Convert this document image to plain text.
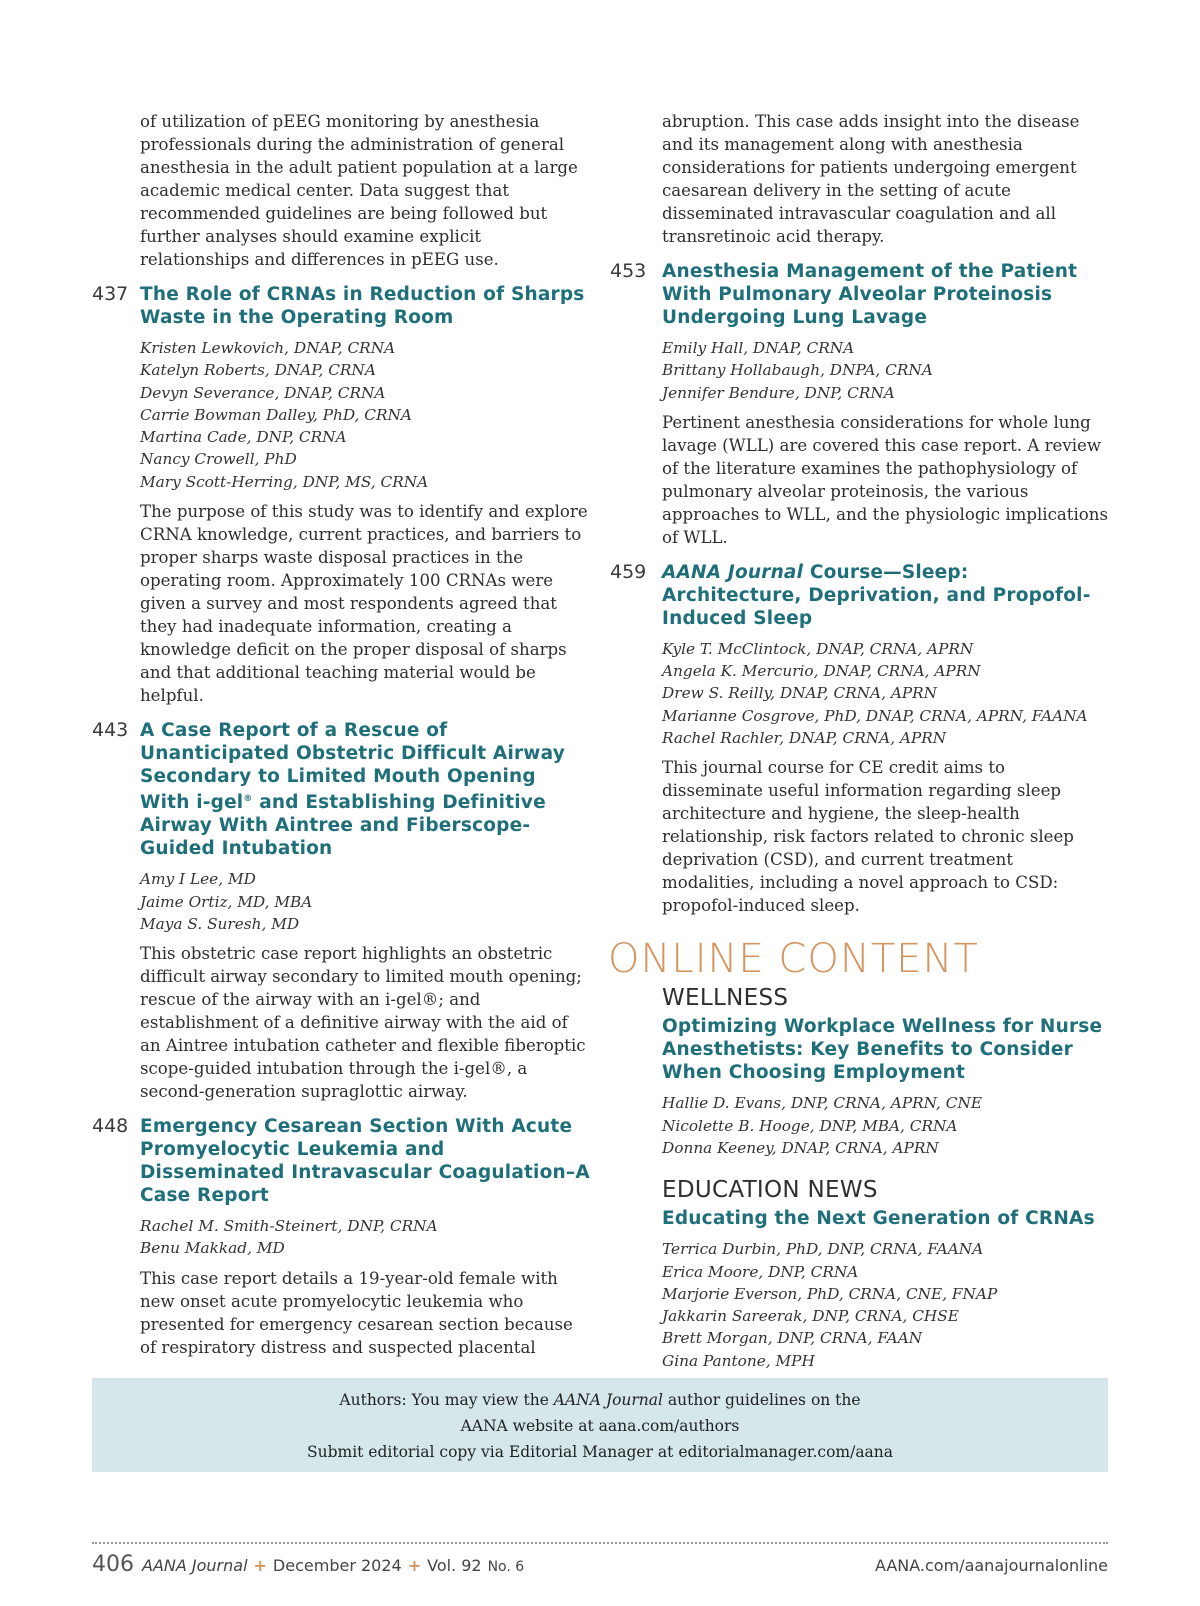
of utilization of pEEG monitoring by anesthesia professionals during the administration of general anesthesia in the adult patient population at a large academic medical center. Data suggest that recommended guidelines are being followed but further analyses should examine explicit relationships and differences in pEEG use.

437 The Role of CRNAs in Reduction of Sharps Waste in the Operating Room
Kristen Lewkovich, DNAP, CRNA
Katelyn Roberts, DNAP, CRNA
Devyn Severance, DNAP, CRNA
Carrie Bowman Dalley, PhD, CRNA
Martina Cade, DNP, CRNA
Nancy Crowell, PhD
Mary Scott-Herring, DNP, MS, CRNA

The purpose of this study was to identify and explore CRNA knowledge, current practices, and barriers to proper sharps waste disposal practices in the operating room. Approximately 100 CRNAs were given a survey and most respondents agreed that they had inadequate information, creating a knowledge deficit on the proper disposal of sharps and that additional teaching material would be helpful.

443 A Case Report of a Rescue of Unanticipated Obstetric Difficult Airway Secondary to Limited Mouth Opening With i-gel® and Establishing Definitive Airway With Aintree and Fiberscope-Guided Intubation
Amy I Lee, MD
Jaime Ortiz, MD, MBA
Maya S. Suresh, MD

This obstetric case report highlights an obstetric difficult airway secondary to limited mouth opening; rescue of the airway with an i-gel®; and establishment of a definitive airway with the aid of an Aintree intubation catheter and flexible fiberoptic scope-guided intubation through the i-gel®, a second-generation supraglottic airway.

448 Emergency Cesarean Section With Acute Promyelocytic Leukemia and Disseminated Intravascular Coagulation–A Case Report
Rachel M. Smith-Steinert, DNP, CRNA
Benu Makkad, MD

This case report details a 19-year-old female with new onset acute promyelocytic leukemia who presented for emergency cesarean section because of respiratory distress and suspected placental

abruption. This case adds insight into the disease and its management along with anesthesia considerations for patients undergoing emergent caesarean delivery in the setting of acute disseminated intravascular coagulation and all transretinoic acid therapy.

453 Anesthesia Management of the Patient With Pulmonary Alveolar Proteinosis Undergoing Lung Lavage
Emily Hall, DNAP, CRNA
Brittany Hollabaugh, DNPA, CRNA
Jennifer Bendure, DNP, CRNA

Pertinent anesthesia considerations for whole lung lavage (WLL) are covered this case report. A review of the literature examines the pathophysiology of pulmonary alveolar proteinosis, the various approaches to WLL, and the physiologic implications of WLL.

459 AANA Journal Course—Sleep: Architecture, Deprivation, and Propofol-Induced Sleep
Kyle T. McClintock, DNAP, CRNA, APRN
Angela K. Mercurio, DNAP, CRNA, APRN
Drew S. Reilly, DNAP, CRNA, APRN
Marianne Cosgrove, PhD, DNAP, CRNA, APRN, FAANA
Rachel Rachler, DNAP, CRNA, APRN

This journal course for CE credit aims to disseminate useful information regarding sleep architecture and hygiene, the sleep-health relationship, risk factors related to chronic sleep deprivation (CSD), and current treatment modalities, including a novel approach to CSD: propofol-induced sleep.

ONLINE CONTENT
WELLNESS
Optimizing Workplace Wellness for Nurse Anesthetists: Key Benefits to Consider When Choosing Employment
Hallie D. Evans, DNP, CRNA, APRN, CNE
Nicolette B. Hooge, DNP, MBA, CRNA
Donna Keeney, DNAP, CRNA, APRN
EDUCATION NEWS
Educating the Next Generation of CRNAs
Terrica Durbin, PhD, DNP, CRNA, FAANA
Erica Moore, DNP, CRNA
Marjorie Everson, PhD, CRNA, CNE, FNAP
Jakkarin Sareerak, DNP, CRNA, CHSE
Brett Morgan, DNP, CRNA, FAAN
Gina Pantone, MPH
Authors: You may view the AANA Journal author guidelines on the
AANA website at aana.com/authors
Submit editorial copy via Editorial Manager at editorialmanager.com/aana
406 AANA Journal + December 2024 + Vol. 92 No. 6	AANA.com/aanajournalonline
